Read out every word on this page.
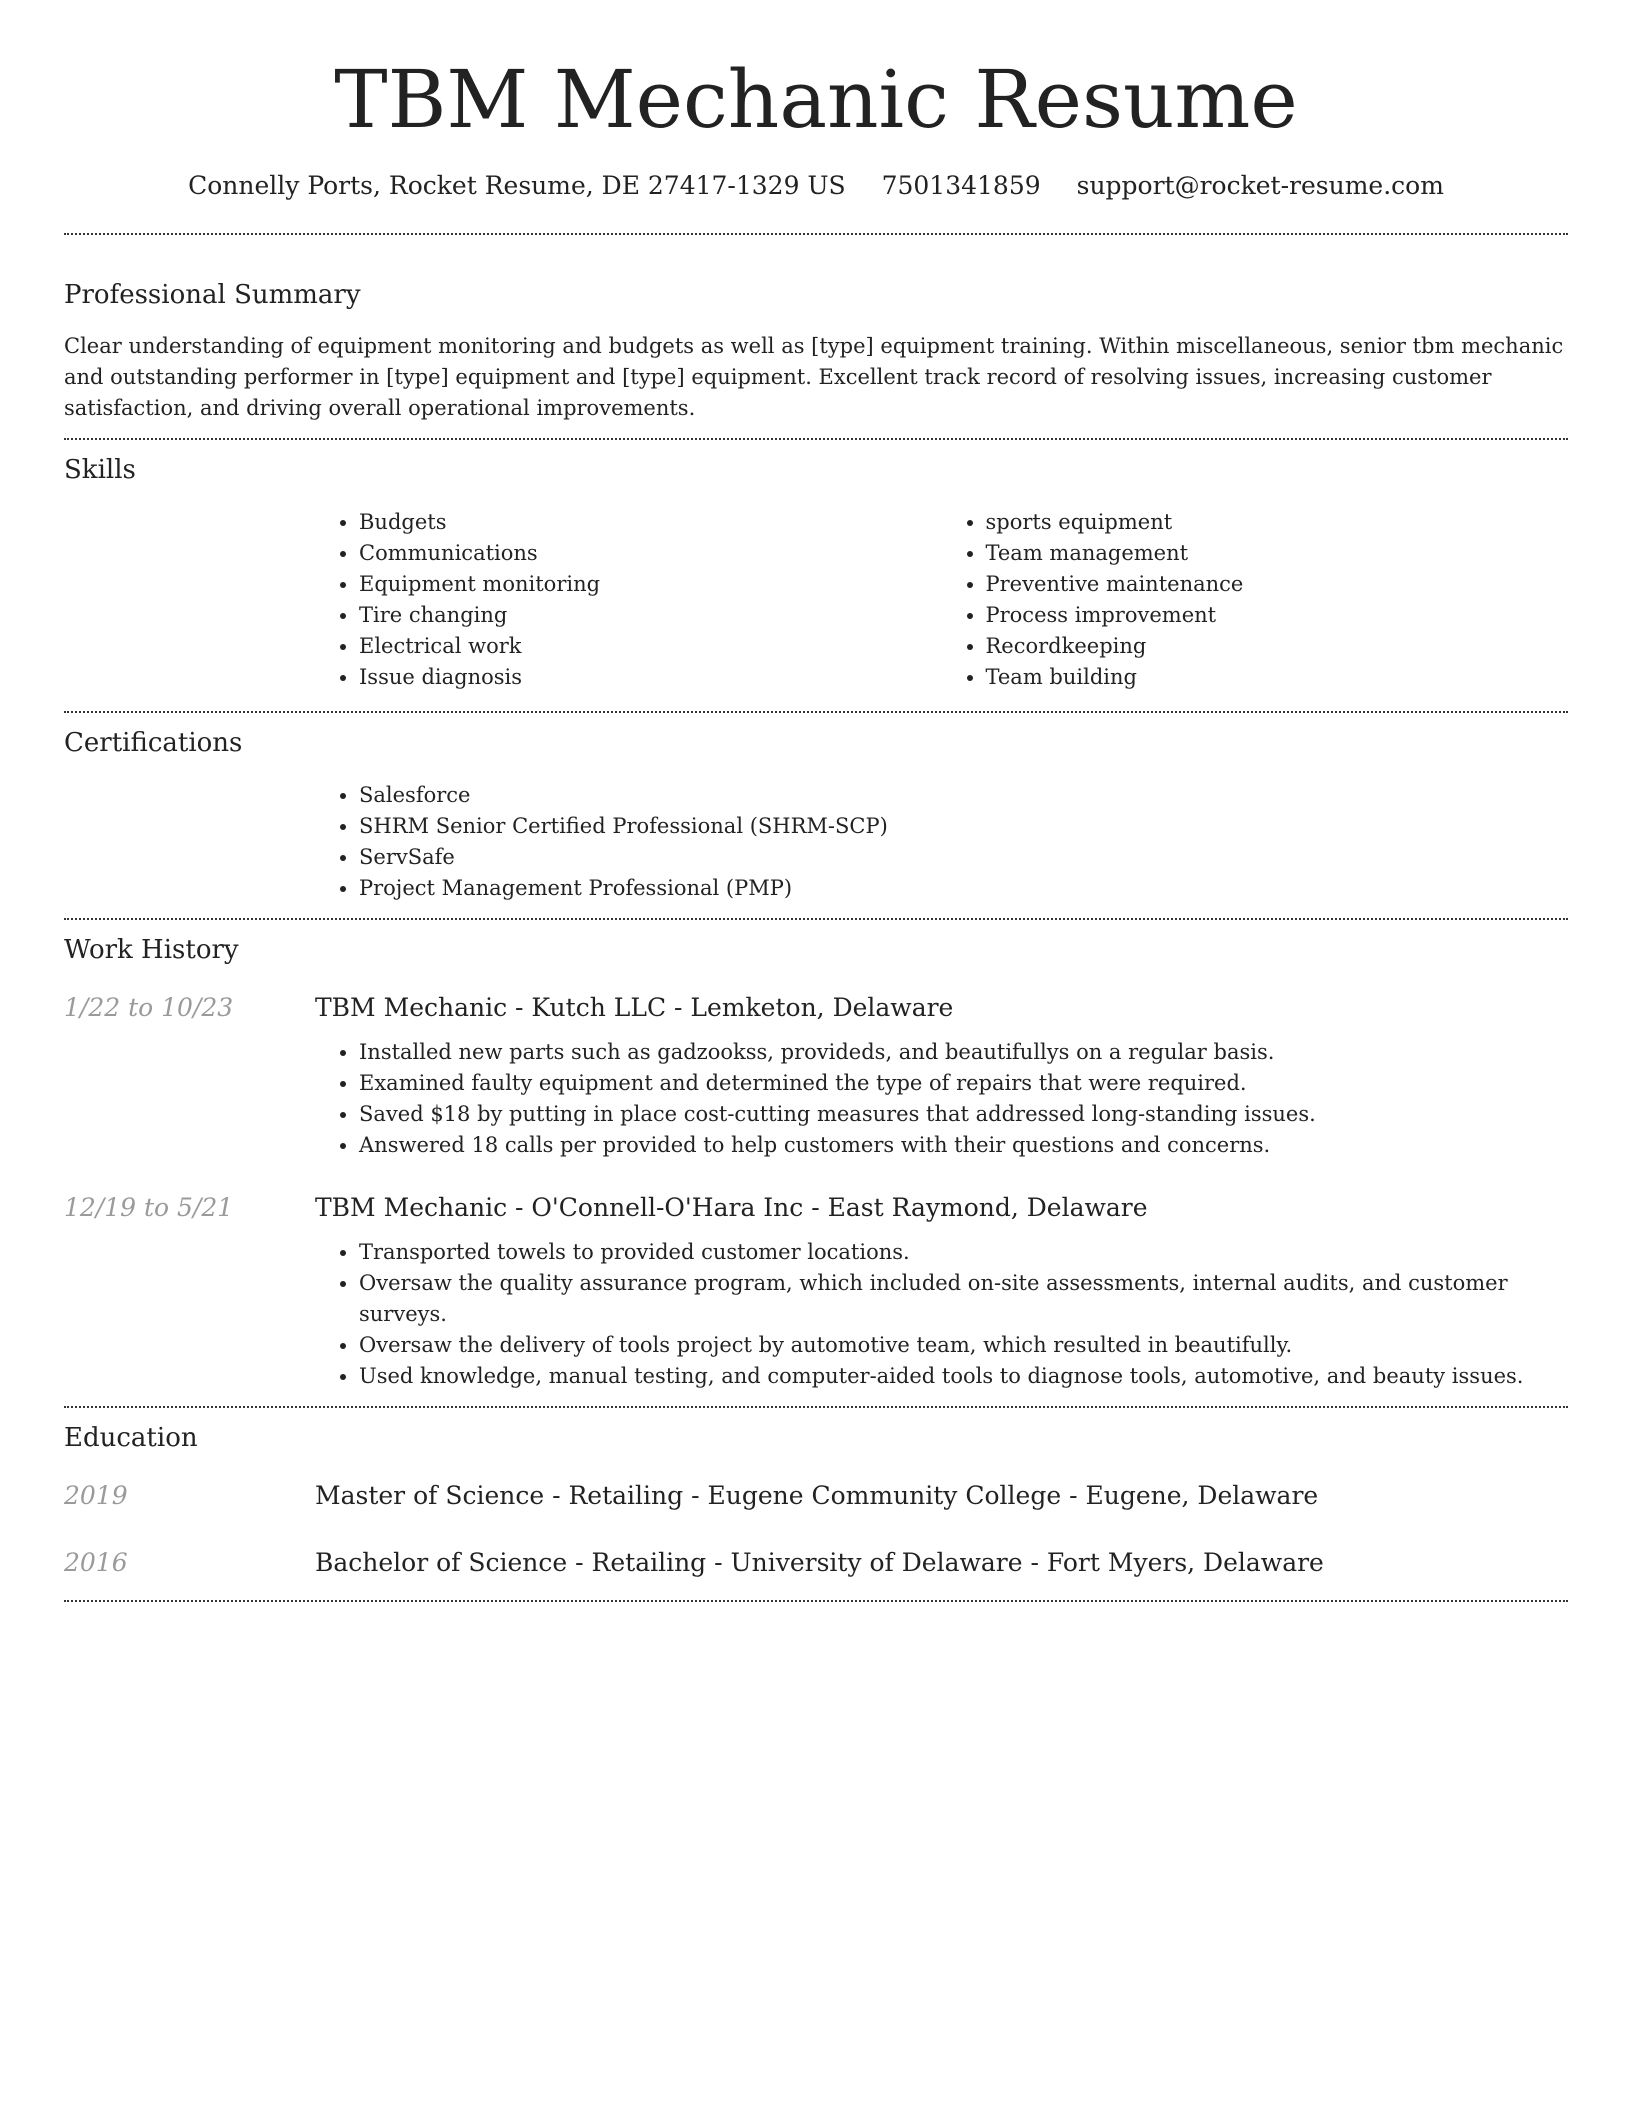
TBM Mechanic Resume
Connelly Ports, Rocket Resume, DE 27417-1329 US 7501341859 support@rocket-resume.com
Professional Summary

Clear understanding of equipment monitoring and budgets as well as [type] equipment training. Within miscellaneous, senior tbm mechanic and outstanding performer in [type] equipment and [type] equipment. Excellent track record of resolving issues, increasing customer satisfaction, and driving overall operational improvements.

Skills
• Budgets
• Communications
• Equipment monitoring
• Tire changing
• Electrical work
• Issue diagnosis
• sports equipment
• Team management
• Preventive maintenance
• Process improvement
• Recordkeeping
• Team building
Certifications
• Salesforce
• SHRM Senior Certified Professional (SHRM-SCP)
• ServSafe
• Project Management Professional (PMP)
Work History
1/22 to 10/23	TBM Mechanic - Kutch LLC - Lemketon, Delaware
• Installed new parts such as gadzookss, provideds, and beautifullys on a regular basis.
• Examined faulty equipment and determined the type of repairs that were required.
• Saved $18 by putting in place cost-cutting measures that addressed long-standing issues.
• Answered 18 calls per provided to help customers with their questions and concerns.
12/19 to 5/21	TBM Mechanic - O'Connell-O'Hara Inc - East Raymond, Delaware
• Transported towels to provided customer locations.
• Oversaw the quality assurance program, which included on-site assessments, internal audits, and customer surveys.
• Oversaw the delivery of tools project by automotive team, which resulted in beautifully.
• Used knowledge, manual testing, and computer-aided tools to diagnose tools, automotive, and beauty issues.
Education
2019	Master of Science - Retailing - Eugene Community College - Eugene, Delaware
2016	Bachelor of Science - Retailing - University of Delaware - Fort Myers, Delaware
